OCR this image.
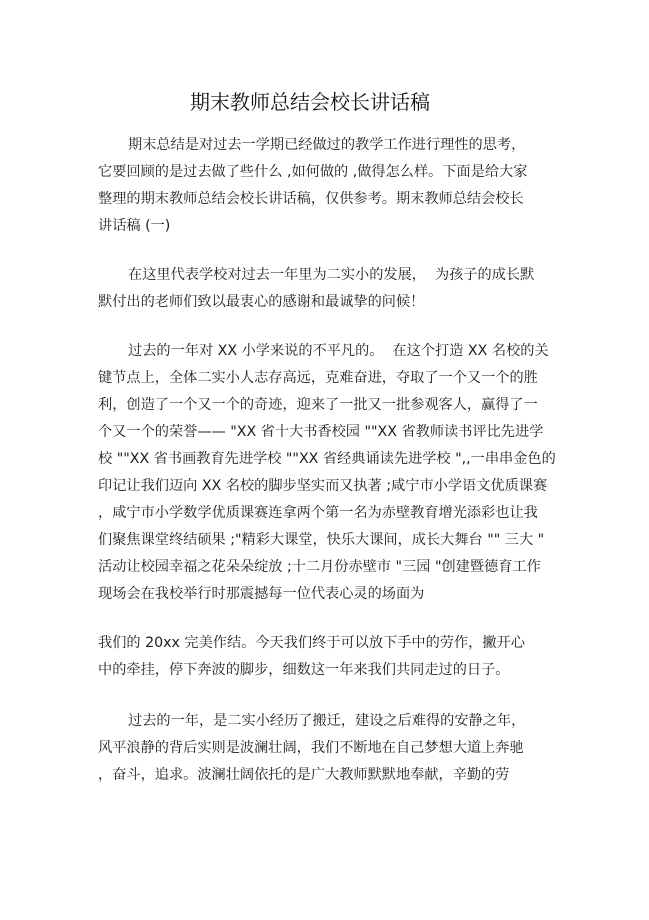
期末教师总结会校长讲话稿
期末总结是对过去一学期已经做过的教学工作进行理性的思考，
它要回顾的是过去做了些什么 ,如何做的 ,做得怎么样。下面是给大家
整理的期末教师总结会校长讲话稿，仅供参考。期末教师总结会校长
讲话稿 (一)
在这里代表学校对过去一年里为二实小的发展，  为孩子的成长默
默付出的老师们致以最衷心的感谢和最诚挚的问候！
过去的一年对 XX 小学来说的不平凡的。  在这个打造 XX 名校的关
键节点上，全体二实小人志存高远，克难奋进，夺取了一个又一个的胜
利，创造了一个又一个的奇迹，迎来了一批又一批参观客人，赢得了一
个又一个的荣誉—— "XX 省十大书香校园 ""XX 省教师读书评比先进学
校 ""XX 省书画教育先进学校 ""XX 省经典诵读先进学校 ",,一串串金色的
印记让我们迈向 XX 名校的脚步坚实而又执著 ;咸宁市小学语文优质课赛
，咸宁市小学数学优质课赛连拿两个第一名为赤壁教育增光添彩也让我
们聚焦课堂终结硕果 ;"精彩大课堂，快乐大课间，成长大舞台 "" 三大 "
活动让校园幸福之花朵朵绽放 ;十二月份赤壁市 "三园 "创建暨德育工作
现场会在我校举行时那震撼每一位代表心灵的场面为
我们的 20xx 完美作结。今天我们终于可以放下手中的劳作，撇开心
中的牵挂，停下奔波的脚步，细数这一年来我们共同走过的日子。
过去的一年，是二实小经历了搬迁，建设之后难得的安静之年，
风平浪静的背后实则是波澜壮阔，我们不断地在自己梦想大道上奔驰
，奋斗，追求。波澜壮阔依托的是广大教师默默地奉献，辛勤的劳
